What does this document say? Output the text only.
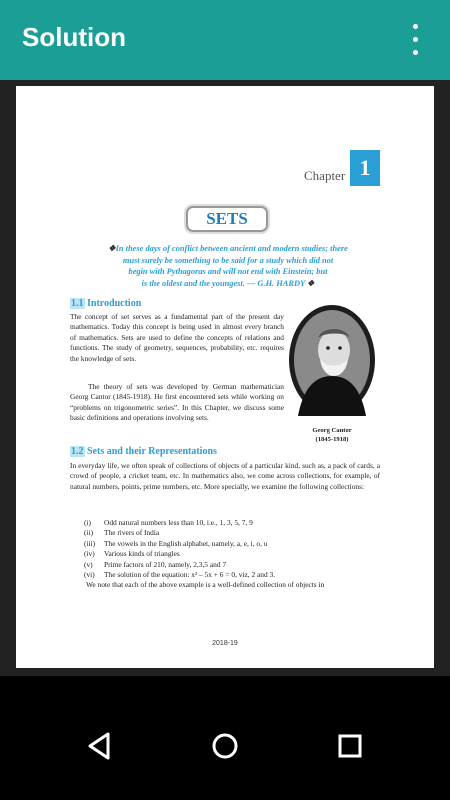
Solution
Chapter 1
SETS
❖In these days of conflict between ancient and modern studies; there
must surely be something to be said for a study which did not
begin with Pythagoras and will not end with Einstein; but
is the oldest and the youngest. — G.H. HARDY ❖
1.1 Introduction
The concept of set serves as a fundamental part of the present day mathematics. Today this concept is being used in almost every branch of mathematics. Sets are used to define the concepts of relations and functions. The study of geometry, sequences, probability, etc. requires the knowledge of sets.
The theory of sets was developed by German mathematician Georg Cantor (1845-1918). He first encountered sets while working on “problems on trigonometric series”. In this Chapter, we discuss some basic definitions and operations involving sets.
Georg Cantor
(1845-1918)
1.2 Sets and their Representations
In everyday life, we often speak of collections of objects of a particular kind, such as, a pack of cards, a crowd of people, a cricket team, etc. In mathematics also, we come across collections, for example, of natural numbers, points, prime numbers, etc. More specially, we examine the following collections:
(i)	Odd natural numbers less than 10, i.e., 1, 3, 5, 7, 9
(ii)	The rivers of India
(iii)	The vowels in the English alphabet, namely, a, e, i, o, u
(iv)	Various kinds of triangles
(v)	Prime factors of 210, namely, 2,3,5 and 7
(vi)	The solution of the equation: x² – 5x + 6 = 0, viz, 2 and 3.
We note that each of the above example is a well-defined collection of objects in
2018-19
